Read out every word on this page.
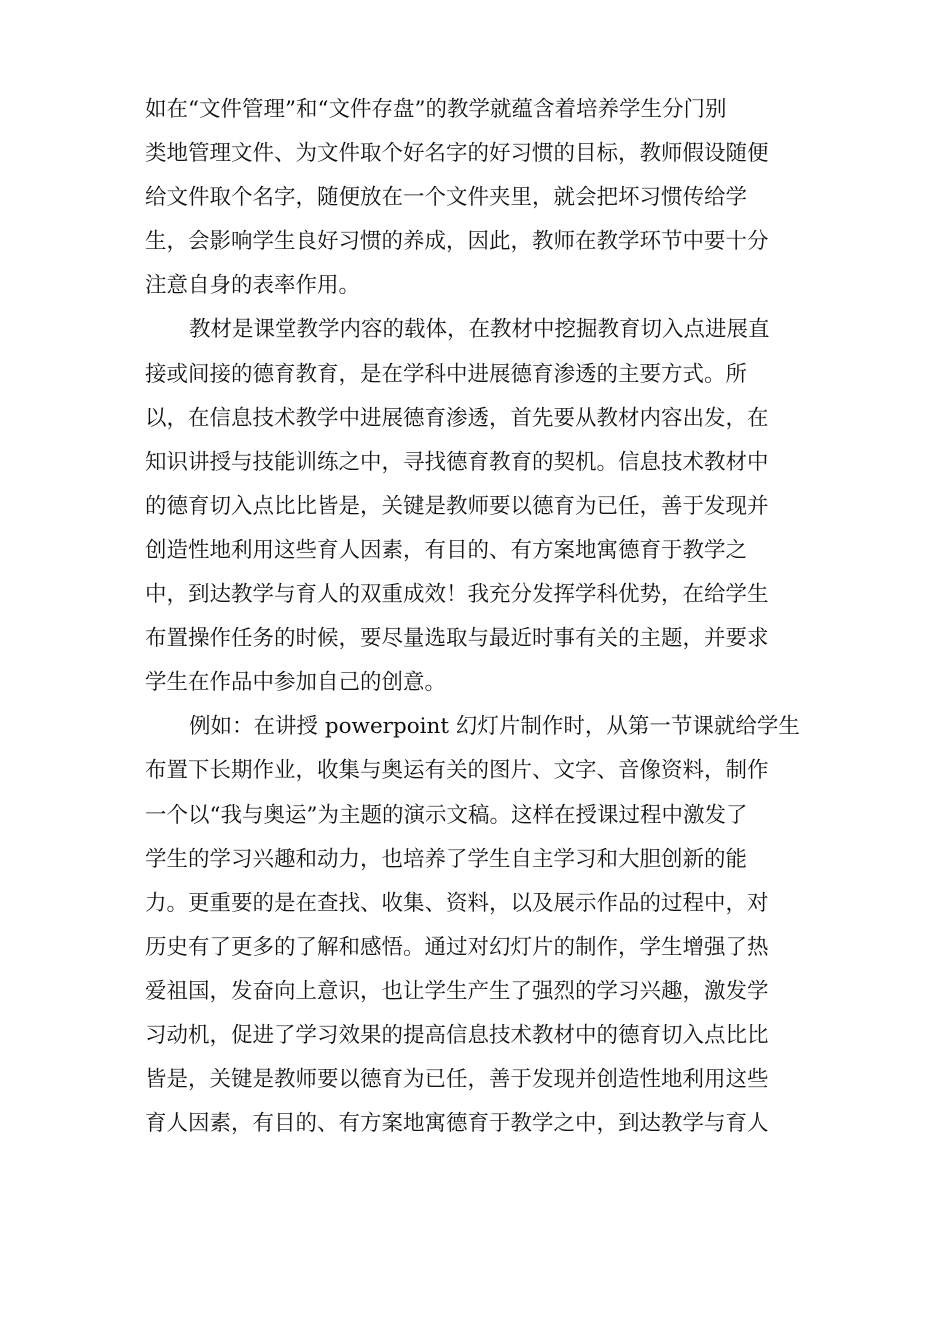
如在“文件管理”和“文件存盘”的教学就蕴含着培养学生分门别
类地管理文件、为文件取个好名字的好习惯的目标，教师假设随便
给文件取个名字，随便放在一个文件夹里，就会把坏习惯传给学
生，会影响学生良好习惯的养成，因此，教师在教学环节中要十分
注意自身的表率作用。
教材是课堂教学内容的载体，在教材中挖掘教育切入点进展直
接或间接的德育教育，是在学科中进展德育渗透的主要方式。所
以，在信息技术教学中进展德育渗透，首先要从教材内容出发，在
知识讲授与技能训练之中，寻找德育教育的契机。信息技术教材中
的德育切入点比比皆是，关键是教师要以德育为已任，善于发现并
创造性地利用这些育人因素，有目的、有方案地寓德育于教学之
中，到达教学与育人的双重成效！我充分发挥学科优势，在给学生
布置操作任务的时候，要尽量选取与最近时事有关的主题，并要求
学生在作品中参加自己的创意。
例如：在讲授 powerpoint 幻灯片制作时，从第一节课就给学生
布置下长期作业，收集与奥运有关的图片、文字、音像资料，制作
一个以“我与奥运”为主题的演示文稿。这样在授课过程中激发了
学生的学习兴趣和动力，也培养了学生自主学习和大胆创新的能
力。更重要的是在查找、收集、资料，以及展示作品的过程中，对
历史有了更多的了解和感悟。通过对幻灯片的制作，学生增强了热
爱祖国，发奋向上意识，也让学生产生了强烈的学习兴趣，激发学
习动机，促进了学习效果的提高信息技术教材中的德育切入点比比
皆是，关键是教师要以德育为已任，善于发现并创造性地利用这些
育人因素，有目的、有方案地寓德育于教学之中，到达教学与育人
